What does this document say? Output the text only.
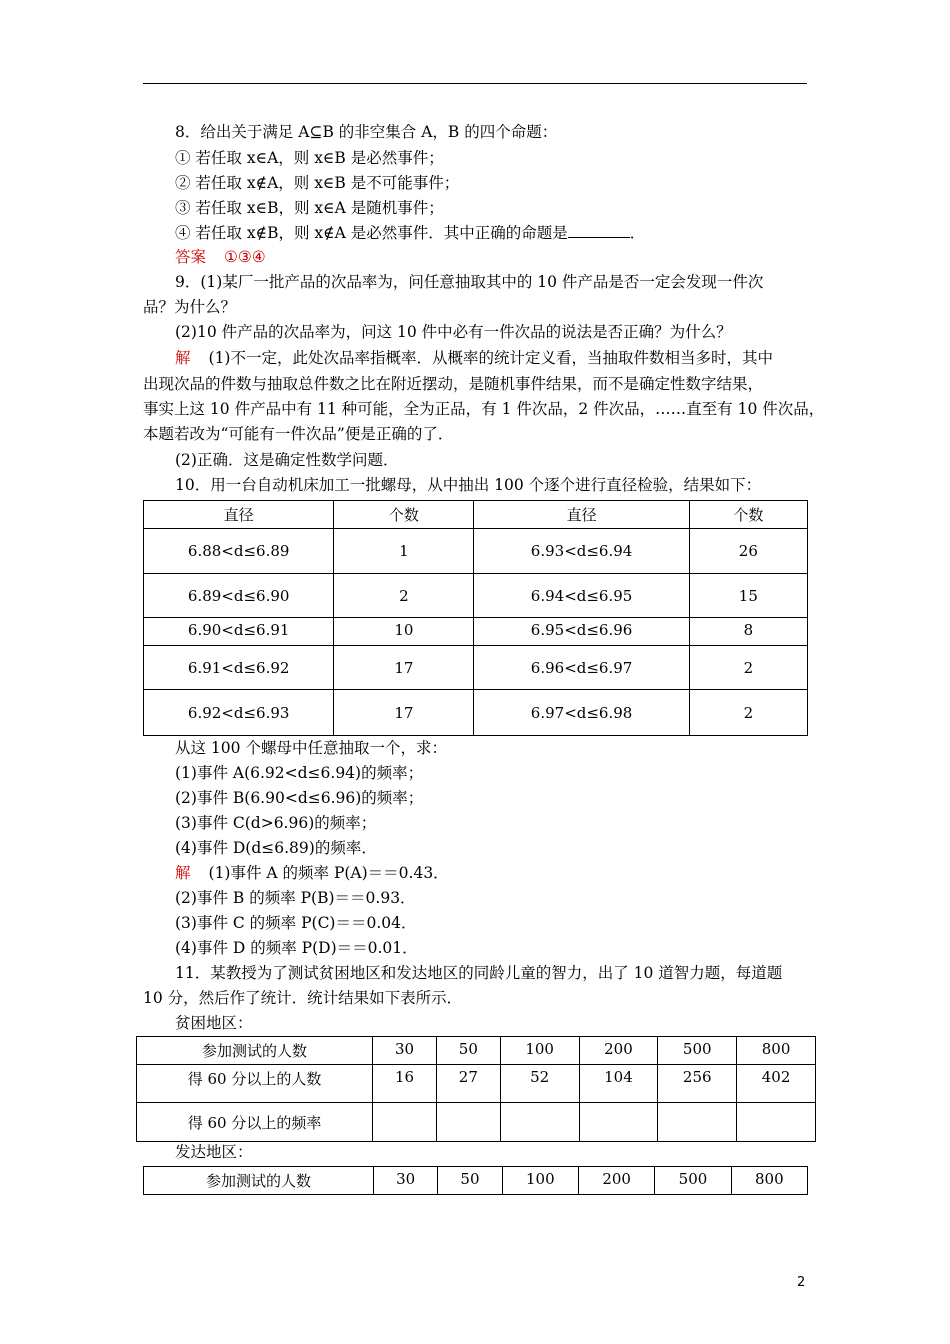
8．给出关于满足 A⊆B 的非空集合 A，B 的四个命题：
① 若任取 x∈A，则 x∈B 是必然事件；
② 若任取 x∉A，则 x∈B 是不可能事件；
③ 若任取 x∈B，则 x∈A 是随机事件；
④ 若任取 x∉B，则 x∉A 是必然事件．其中正确的命题是	．
答案 ①③④
9．(1)某厂一批产品的次品率为，问任意抽取其中的 10 件产品是否一定会发现一件次
品？为什么？
(2)10 件产品的次品率为，问这 10 件中必有一件次品的说法是否正确？为什么？
解 (1)不一定，此处次品率指概率．从概率的统计定义看，当抽取件数相当多时，其中
出现次品的件数与抽取总件数之比在附近摆动，是随机事件结果，而不是确定性数字结果，
事实上这 10 件产品中有 11 种可能，全为正品，有 1 件次品，2 件次品，……直至有 10 件次品，
本题若改为“可能有一件次品”便是正确的了．
(2)正确．这是确定性数学问题．
10．用一台自动机床加工一批螺母，从中抽出 100 个逐个进行直径检验，结果如下：
直径	个数	直径	个数
6.88<d≤6.89	1	6.93<d≤6.94	26
6.89<d≤6.90	2	6.94<d≤6.95	15
6.90<d≤6.91	10	6.95<d≤6.96	8
6.91<d≤6.92	17	6.96<d≤6.97	2
6.92<d≤6.93	17	6.97<d≤6.98	2
从这 100 个螺母中任意抽取一个，求：
(1)事件 A(6.92<d≤6.94)的频率；
(2)事件 B(6.90<d≤6.96)的频率；
(3)事件 C(d>6.96)的频率；
(4)事件 D(d≤6.89)的频率．
解 (1)事件 A 的频率 P(A)＝＝0.43．
(2)事件 B 的频率 P(B)＝＝0.93．
(3)事件 C 的频率 P(C)＝＝0.04．
(4)事件 D 的频率 P(D)＝＝0.01．
11．某教授为了测试贫困地区和发达地区的同龄儿童的智力，出了 10 道智力题，每道题
10 分，然后作了统计．统计结果如下表所示．
贫困地区：
参加测试的人数	30	50	100	200	500	800
得 60 分以上的人数	16	27	52	104	256	402
得 60 分以上的频率						
发达地区：
参加测试的人数	30	50	100	200	500	800
2
